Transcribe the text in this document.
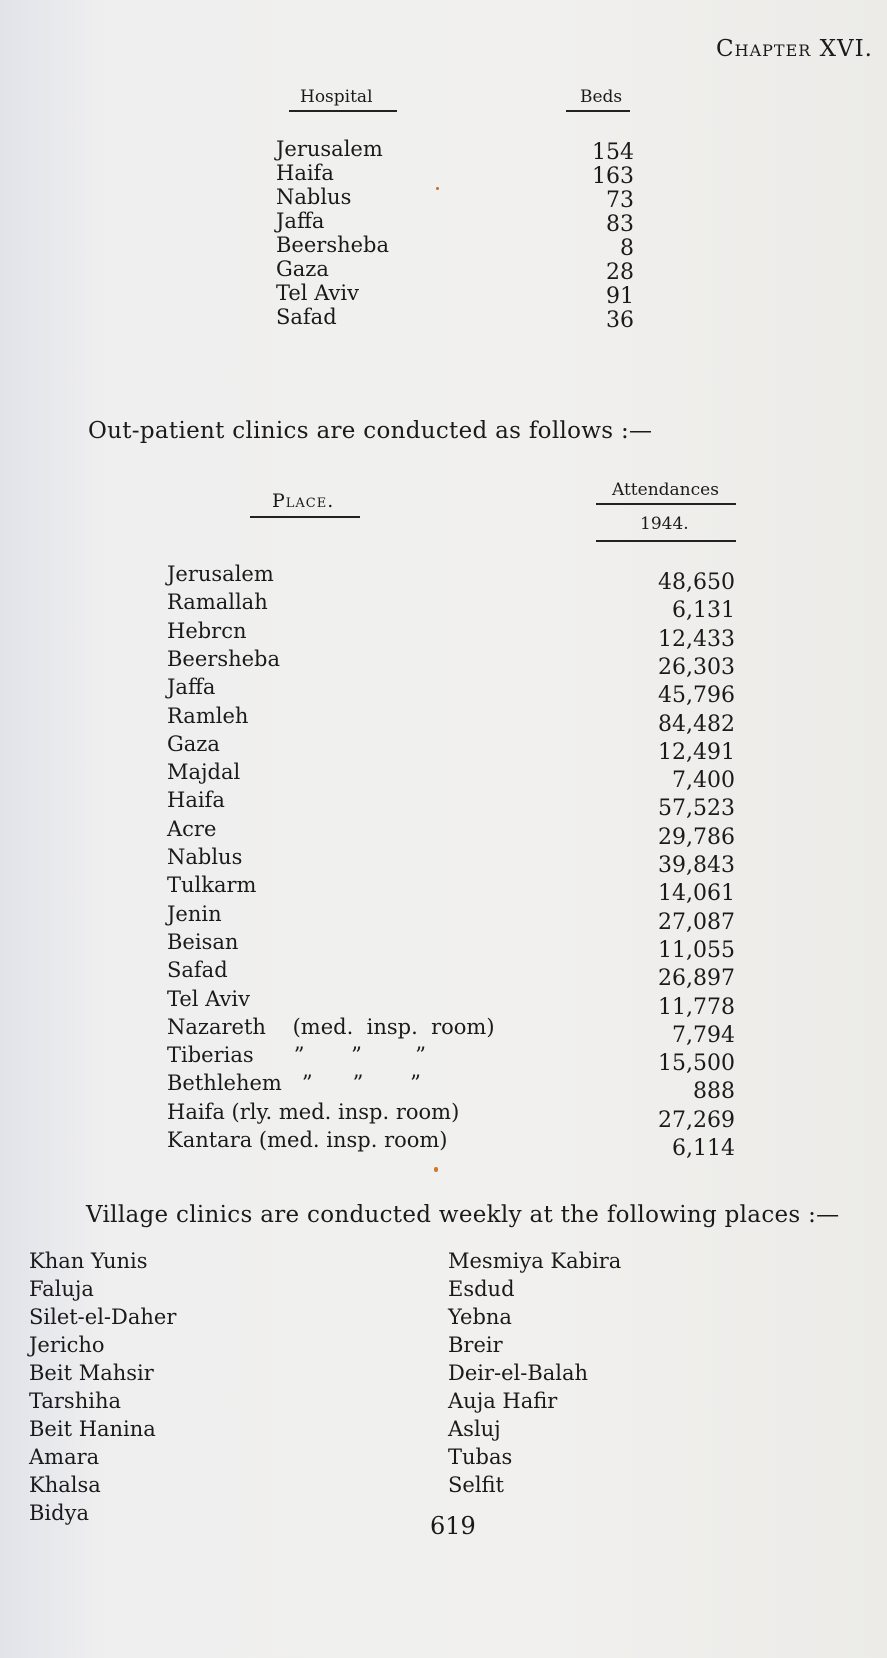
Chapter XVI.
Hospital	Beds
Jerusalem	154
Haifa	163
Nablus	73
Jaffa	83
Beersheba	8
Gaza	28
Tel Aviv	91
Safad	36
Out-patient clinics are conducted as follows :—
Place.	Attendances
1944.
Jerusalem	48,650
Ramallah	6,131
Hebrcn	12,433
Beersheba	26,303
Jaffa	45,796
Ramleh	84,482
Gaza	12,491
Majdal	7,400
Haifa	57,523
Acre	29,786
Nablus	39,843
Tulkarm	14,061
Jenin	27,087
Beisan	11,055
Safad	26,897
Tel Aviv	11,778
Nazareth    (med.  insp.  room)	7,794
Tiberias      ”       ”        ”	15,500
Bethlehem   ”      ”       ”	888
Haifa (rly. med. insp. room)	27,269
Kantara (med. insp. room)	6,114
Village clinics are conducted weekly at the following places :—
Khan Yunis
Faluja
Silet-el-Daher
Jericho
Beit Mahsir
Tarshiha
Beit Hanina
Amara
Khalsa
Bidya
Mesmiya Kabira
Esdud
Yebna
Breir
Deir-el-Balah
Auja Hafir
Asluj
Tubas
Selfit
619
